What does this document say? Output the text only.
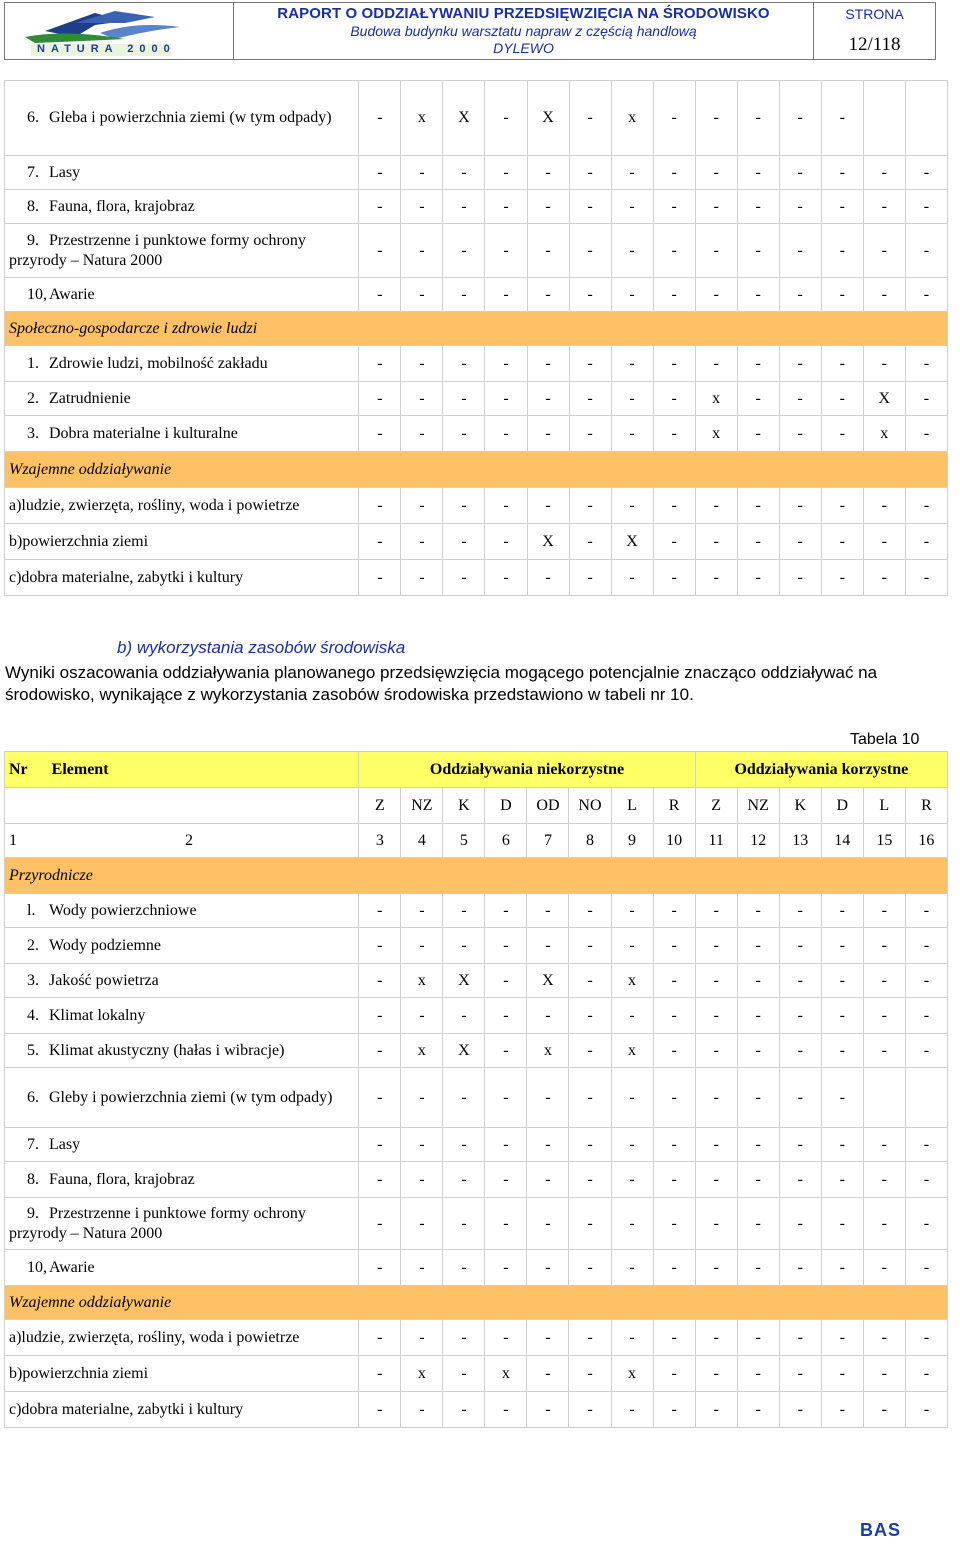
NATURA 2000
RAPORT O ODDZIAŁYWANIU PRZEDSIĘWZIĘCIA NA ŚRODOWISKO
Budowa budynku warsztatu napraw z częścią handlową
DYLEWO
STRONA
12/118
6. Gleba i powierzchnia ziemi (w tym odpady)	-	x	X	-	X	-	x	-	-	-	-	-		
7. Lasy	-	-	-	-	-	-	-	-	-	-	-	-	-	-
8. Fauna, flora, krajobraz	-	-	-	-	-	-	-	-	-	-	-	-	-	-
9. Przestrzenne i punktowe formy ochrony przyrody – Natura 2000	-	-	-	-	-	-	-	-	-	-	-	-	-	-
10, Awarie	-	-	-	-	-	-	-	-	-	-	-	-	-	-
Społeczno-gospodarcze i zdrowie ludzi														
1. Zdrowie ludzi, mobilność zakładu	-	-	-	-	-	-	-	-	-	-	-	-	-	-
2. Zatrudnienie	-	-	-	-	-	-	-	-	x	-	-	-	X	-
3. Dobra materialne i kulturalne	-	-	-	-	-	-	-	-	x	-	-	-	x	-
Wzajemne oddziaływanie														
a)ludzie, zwierzęta, rośliny, woda i powietrze	-	-	-	-	-	-	-	-	-	-	-	-	-	-
b)powierzchnia ziemi	-	-	-	-	X	-	X	-	-	-	-	-	-	-
c)dobra materialne, zabytki i kultury	-	-	-	-	-	-	-	-	-	-	-	-	-	-
b) wykorzystania zasobów środowiska
Wyniki oszacowania oddziaływania planowanego przedsięwzięcia mogącego potencjalnie znacząco oddziaływać na środowisko, wynikające z wykorzystania zasobów środowiska przedstawiono w tabeli nr 10.
Tabela 10
Nr Element	Oddziaływania niekorzystne								Oddziaływania korzystne					
	Z	NZ	K	D	OD	NO	L	R	Z	NZ	K	D	L	R
1 2	3	4	5	6	7	8	9	10	11	12	13	14	15	16
Przyrodnicze														
l. Wody powierzchniowe	-	-	-	-	-	-	-	-	-	-	-	-	-	-
2. Wody podziemne	-	-	-	-	-	-	-	-	-	-	-	-	-	-
3. Jakość powietrza	-	x	X	-	X	-	x	-	-	-	-	-	-	-
4. Klimat lokalny	-	-	-	-	-	-	-	-	-	-	-	-	-	-
5. Klimat akustyczny (hałas i wibracje)	-	x	X	-	x	-	x	-	-	-	-	-	-	-
6. Gleby i powierzchnia ziemi (w tym odpady)	-	-	-	-	-	-	-	-	-	-	-	-		
7. Lasy	-	-	-	-	-	-	-	-	-	-	-	-	-	-
8. Fauna, flora, krajobraz	-	-	-	-	-	-	-	-	-	-	-	-	-	-
9. Przestrzenne i punktowe formy ochrony przyrody – Natura 2000	-	-	-	-	-	-	-	-	-	-	-	-	-	-
10, Awarie	-	-	-	-	-	-	-	-	-	-	-	-	-	-
Wzajemne oddziaływanie														
a)ludzie, zwierzęta, rośliny, woda i powietrze	-	-	-	-	-	-	-	-	-	-	-	-	-	-
b)powierzchnia ziemi	-	x	-	x	-	-	x	-	-	-	-	-	-	-
c)dobra materialne, zabytki i kultury	-	-	-	-	-	-	-	-	-	-	-	-	-	-
BAS
